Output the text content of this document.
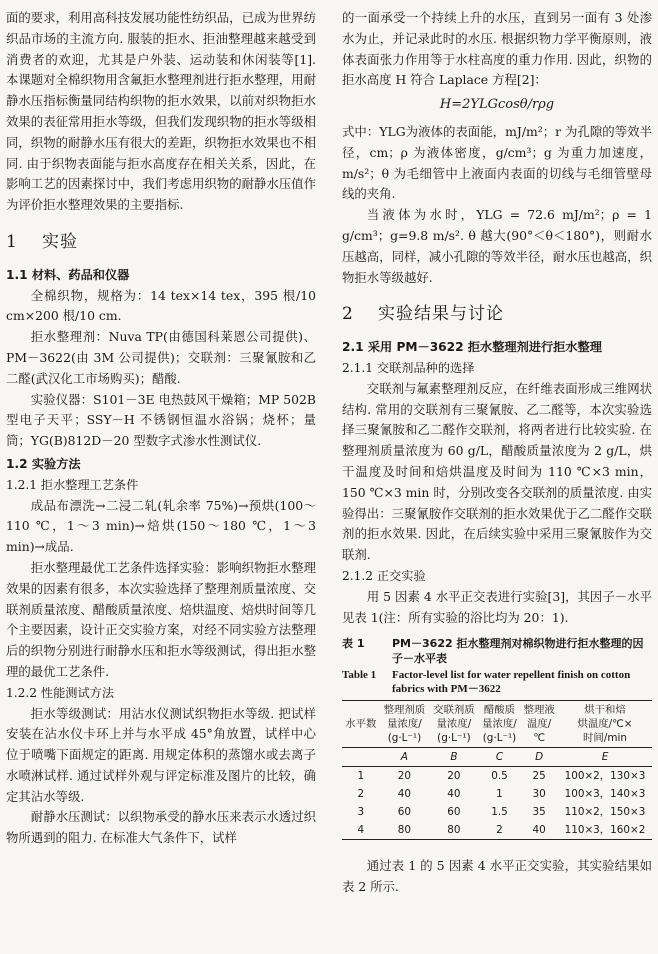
面的要求，利用高科技发展功能性纺织品，已成为世界纺织品市场的主流方向. 服装的拒水、拒油整理越来越受到消费者的欢迎，尤其是户外装、运动装和休闲装等[1]. 本课题对全棉织物用含氟拒水整理剂进行拒水整理，用耐静水压指标衡量同结构织物的拒水效果，以前对织物拒水效果的表征常用拒水等级，但我们发现织物的拒水等级相同，织物的耐静水压有很大的差距，织物拒水效果也不相同. 由于织物表面能与拒水高度存在相关关系，因此，在影响工艺的因素探讨中，我们考虑用织物的耐静水压值作为评价拒水整理效果的主要指标.

1 实验

1.1 材料、药品和仪器

全棉织物，规格为：14 tex×14 tex，395 根/10 cm×200 根/10 cm.

拒水整理剂：Nuva TP(由德国科莱恩公司提供)、PM－3622(由 3M 公司提供)；交联剂：三聚氰胺和乙二醛(武汉化工市场购买)；醋酸.

实验仪器：S101－3E 电热鼓风干燥箱；MP 502B 型电子天平；SSY－H 不锈钢恒温水浴锅；烧杯；量筒；YG(B)812D－20 型数字式渗水性测试仪.

1.2 实验方法

1.2.1 拒水整理工艺条件

成品布漂洗→二浸二轧(轧余率 75%)→预烘(100～110 ℃，1～3 min)→焙烘(150～180 ℃，1～3 min)→成品.

拒水整理最优工艺条件选择实验：影响织物拒水整理效果的因素有很多，本次实验选择了整理剂质量浓度、交联剂质量浓度、醋酸质量浓度、焙烘温度、焙烘时间等几个主要因素，设计正交实验方案，对经不同实验方法整理后的织物分别进行耐静水压和拒水等级测试，得出拒水整理的最优工艺条件.

1.2.2 性能测试方法

拒水等级测试：用沾水仪测试织物拒水等级. 把试样安装在沾水仪卡环上并与水平成 45°角放置，试样中心位于喷嘴下面规定的距离. 用规定体积的蒸馏水或去离子水喷淋试样. 通过试样外观与评定标准及图片的比较，确定其沾水等级.

耐静水压测试：以织物承受的静水压来表示水透过织物所遇到的阻力. 在标准大气条件下，试样

的一面承受一个持续上升的水压，直到另一面有 3 处渗水为止，并记录此时的水压. 根据织物力学平衡原则，液体表面张力作用等于水柱高度的重力作用. 因此，织物的拒水高度 H 符合 Laplace 方程[2]：

H=2YLGcosθ/rρg

式中：YLG为液体的表面能，mJ/m²；r 为孔隙的等效半径，cm；ρ 为液体密度，g/cm³；g 为重力加速度，m/s²；θ 为毛细管中上液面内表面的切线与毛细管壁母线的夹角.

当液体为水时，YLG = 72.6 mJ/m²；ρ = 1 g/cm³；g=9.8 m/s². θ 越大(90°＜θ＜180°)，则耐水压越高，同样，减小孔隙的等效半径，耐水压也越高，织物拒水等级越好.

2 实验结果与讨论

2.1 采用 PM－3622 拒水整理剂进行拒水整理

2.1.1 交联剂品种的选择

交联剂与氟素整理剂反应，在纤维表面形成三维网状结构. 常用的交联剂有三聚氰胺、乙二醛等，本次实验选择三聚氰胺和乙二醛作交联剂，将两者进行比较实验. 在整理剂质量浓度为 60 g/L，醋酸质量浓度为 2 g/L，烘干温度及时间和焙烘温度及时间为 110 ℃×3 min，150 ℃×3 min 时，分别改变各交联剂的质量浓度. 由实验得出：三聚氰胺作交联剂的拒水效果优于乙二醛作交联剂的拒水效果. 因此，在后续实验中采用三聚氰胺作为交联剂.

2.1.2 正交实验

用 5 因素 4 水平正交表进行实验[3]，其因子－水平见表 1(注：所有实验的浴比均为 20：1).

表 1	PM－3622 拒水整理剂对棉织物进行拒水整理的因子－水平表
Table 1	Factor-level list for water repellent finish on cotton fabrics with PM－3622
水平数	整理剂质
量浓度/
(g·L⁻¹)	交联剂质
量浓度/
(g·L⁻¹)	醋酸质
量浓度/
(g·L⁻¹)	整理液
温度/
℃	烘干和焙
烘温度/℃×
时间/min
	A	B	C	D	E
1	20	20	0.5	25	100×2，130×3
2	40	40	1	30	100×3，140×3
3	60	60	1.5	35	110×2，150×3
4	80	80	2	40	110×3，160×2

通过表 1 的 5 因素 4 水平正交实验，其实验结果如表 2 所示.
